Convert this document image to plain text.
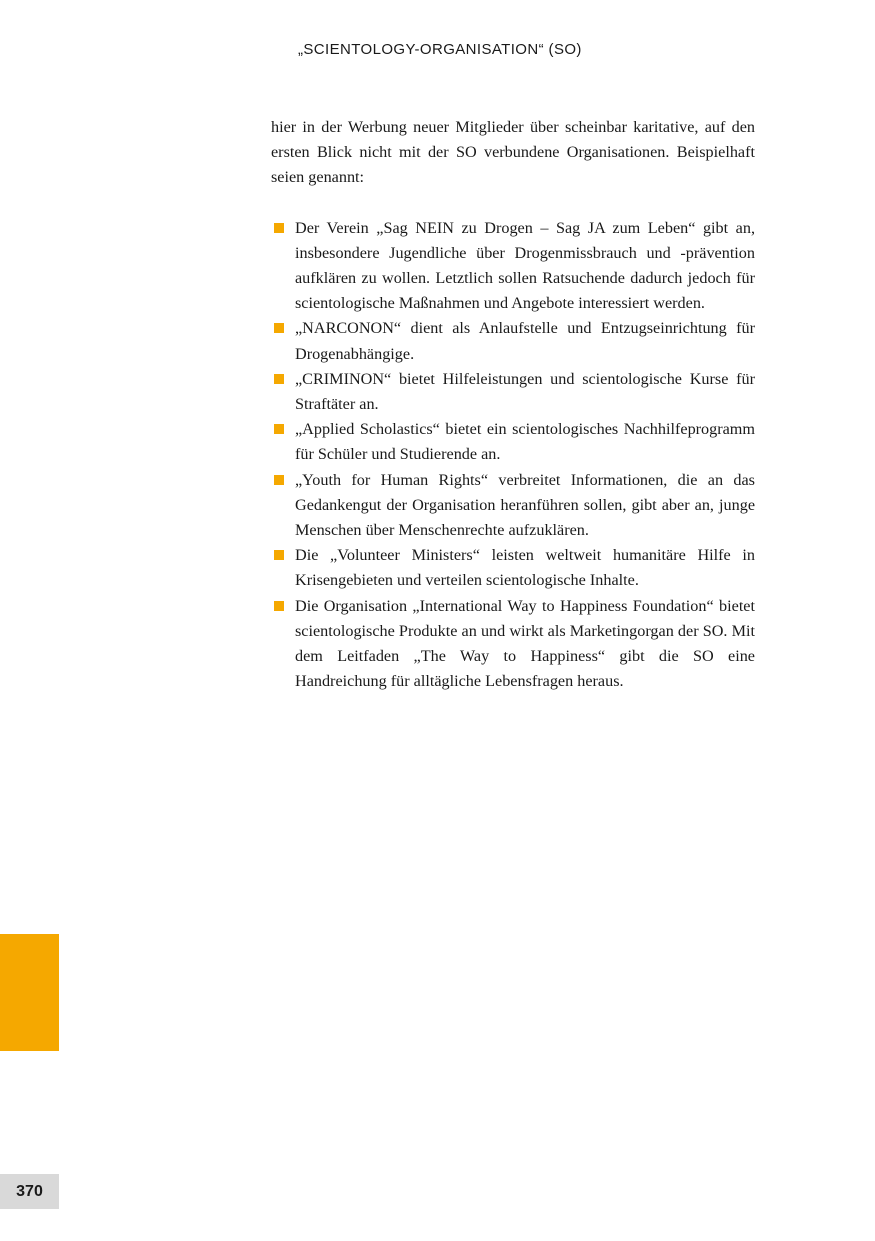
„SCIENTOLOGY-ORGANISATION“ (SO)

hier in der Werbung neuer Mitglieder über scheinbar karitative, auf den ersten Blick nicht mit der SO verbundene Organisationen. Beispielhaft seien genannt:

Der Verein „Sag NEIN zu Drogen – Sag JA zum Leben“ gibt an, insbesondere Jugendliche über Drogenmissbrauch und -prävention aufklären zu wollen. Letztlich sollen Ratsuchende dadurch jedoch für scientologische Maßnahmen und Angebote interessiert werden.
„NARCONON“ dient als Anlaufstelle und Entzugseinrichtung für Drogenabhängige.
„CRIMINON“ bietet Hilfeleistungen und scientologische Kurse für Straftäter an.
„Applied Scholastics“ bietet ein scientologisches Nachhilfeprogramm für Schüler und Studierende an.
„Youth for Human Rights“ verbreitet Informationen, die an das Gedankengut der Organisation heranführen sollen, gibt aber an, junge Menschen über Menschenrechte aufzuklären.
Die „Volunteer Ministers“ leisten weltweit humanitäre Hilfe in Krisengebieten und verteilen scientologische Inhalte.
Die Organisation „International Way to Happiness Foundation“ bietet scientologische Produkte an und wirkt als Marketingorgan der SO. Mit dem Leitfaden „The Way to Happiness“ gibt die SO eine Handreichung für alltägliche Lebensfragen heraus.
370
